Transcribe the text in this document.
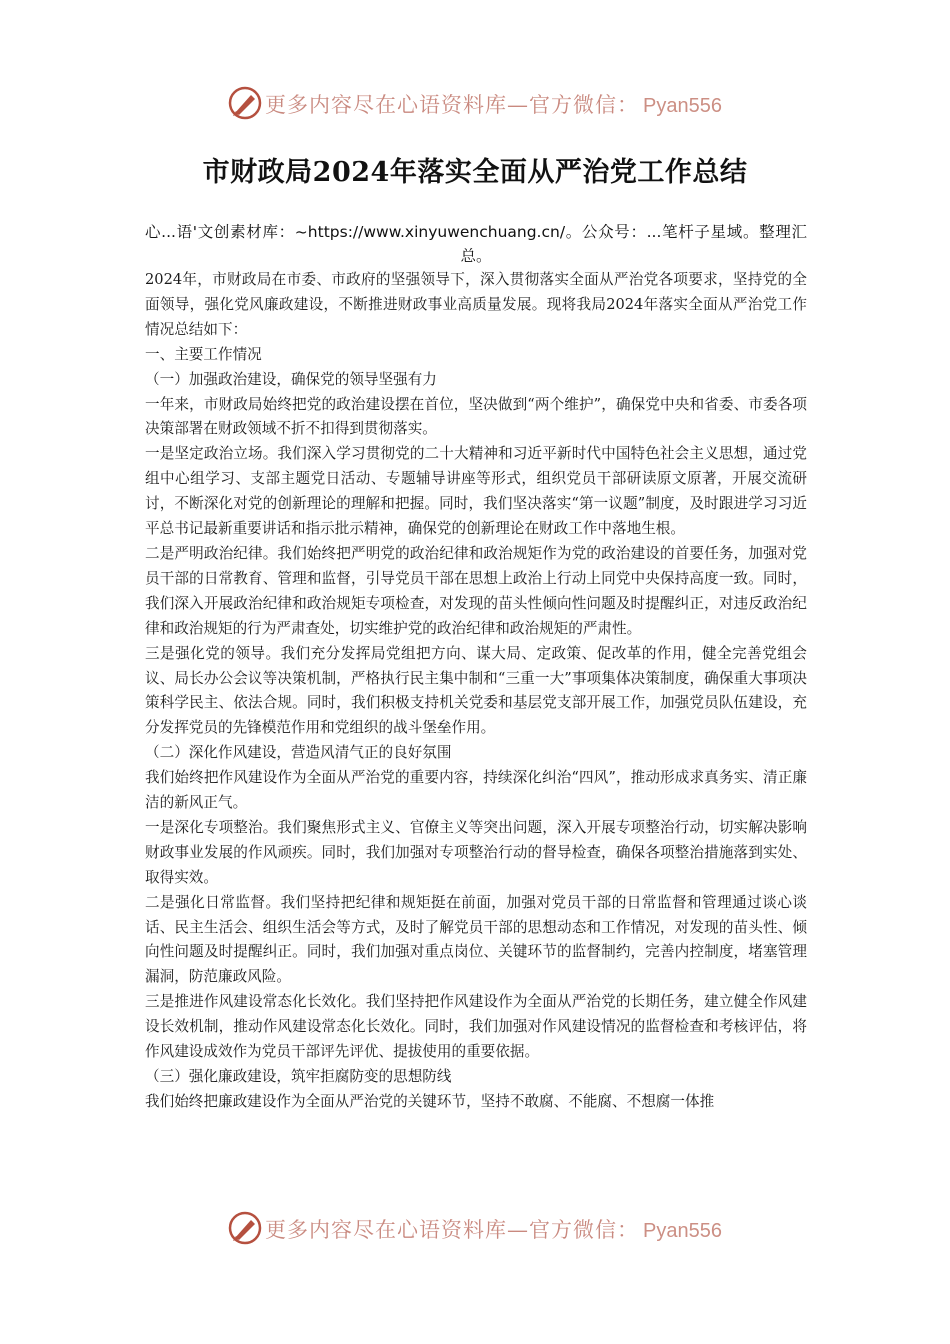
更多内容尽在心语资料库—官方微信： Pyan556
市财政局2024年落实全面从严治党工作总结
心...语'文创素材库：~https://www.xinyuwenchuang.cn/。公众号：...笔杆子星域。整理汇总。

2024年，市财政局在市委、市政府的坚强领导下，深入贯彻落实全面从严治党各项要求，坚持党的全面领导，强化党风廉政建设，不断推进财政事业高质量发展。现将我局2024年落实全面从严治党工作情况总结如下：

一、主要工作情况

（一）加强政治建设，确保党的领导坚强有力

一年来，市财政局始终把党的政治建设摆在首位，坚决做到“两个维护”，确保党中央和省委、市委各项决策部署在财政领域不折不扣得到贯彻落实。

一是坚定政治立场。我们深入学习贯彻党的二十大精神和习近平新时代中国特色社会主义思想，通过党组中心组学习、支部主题党日活动、专题辅导讲座等形式，组织党员干部研读原文原著，开展交流研讨，不断深化对党的创新理论的理解和把握。同时，我们坚决落实“第一议题”制度，及时跟进学习习近平总书记最新重要讲话和指示批示精神，确保党的创新理论在财政工作中落地生根。

二是严明政治纪律。我们始终把严明党的政治纪律和政治规矩作为党的政治建设的首要任务，加强对党员干部的日常教育、管理和监督，引导党员干部在思想上政治上行动上同党中央保持高度一致。同时，我们深入开展政治纪律和政治规矩专项检查，对发现的苗头性倾向性问题及时提醒纠正，对违反政治纪律和政治规矩的行为严肃查处，切实维护党的政治纪律和政治规矩的严肃性。

三是强化党的领导。我们充分发挥局党组把方向、谋大局、定政策、促改革的作用，健全完善党组会议、局长办公会议等决策机制，严格执行民主集中制和“三重一大”事项集体决策制度，确保重大事项决策科学民主、依法合规。同时，我们积极支持机关党委和基层党支部开展工作，加强党员队伍建设，充分发挥党员的先锋模范作用和党组织的战斗堡垒作用。

（二）深化作风建设，营造风清气正的良好氛围

我们始终把作风建设作为全面从严治党的重要内容，持续深化纠治“四风”，推动形成求真务实、清正廉洁的新风正气。

一是深化专项整治。我们聚焦形式主义、官僚主义等突出问题，深入开展专项整治行动，切实解决影响财政事业发展的作风顽疾。同时，我们加强对专项整治行动的督导检查，确保各项整治措施落到实处、取得实效。

二是强化日常监督。我们坚持把纪律和规矩挺在前面，加强对党员干部的日常监督和管理通过谈心谈话、民主生活会、组织生活会等方式，及时了解党员干部的思想动态和工作情况，对发现的苗头性、倾向性问题及时提醒纠正。同时，我们加强对重点岗位、关键环节的监督制约，完善内控制度，堵塞管理漏洞，防范廉政风险。

三是推进作风建设常态化长效化。我们坚持把作风建设作为全面从严治党的长期任务，建立健全作风建设长效机制，推动作风建设常态化长效化。同时，我们加强对作风建设情况的监督检查和考核评估，将作风建设成效作为党员干部评先评优、提拔使用的重要依据。

（三）强化廉政建设，筑牢拒腐防变的思想防线

我们始终把廉政建设作为全面从严治党的关键环节，坚持不敢腐、不能腐、不想腐一体推

更多内容尽在心语资料库—官方微信： Pyan556
